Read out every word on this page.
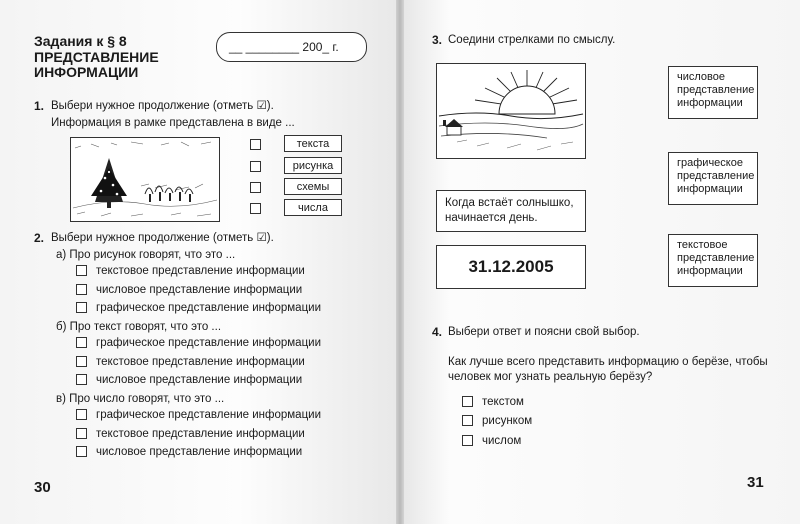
Задания к § 8
ПРЕДСТАВЛЕНИЕ
ИНФОРМАЦИИ
__ ________ 200_ г.
1. Выбери нужное продолжение (отметь ☑).
Информация в рамке представлена в виде ...
текста
рисунка
схемы
числа
2. Выбери нужное продолжение (отметь ☑).
а) Про рисунок говорят, что это ...
текстовое представление информации
числовое представление информации
графическое представление информации
б) Про текст говорят, что это ...
графическое представление информации
текстовое представление информации
числовое представление информации
в) Про число говорят, что это ...
графическое представление информации
текстовое представление информации
числовое представление информации
30
3. Соедини стрелками по смыслу.
Когда встаёт солнышко, начинается день.
31.12.2005
числовое
представление
информации
графическое
представление
информации
текстовое
представление
информации
4. Выбери ответ и поясни свой выбор.
Как лучше всего представить информацию о берёзе, чтобы
человек мог узнать реальную берёзу?
текстом
рисунком
числом
31
